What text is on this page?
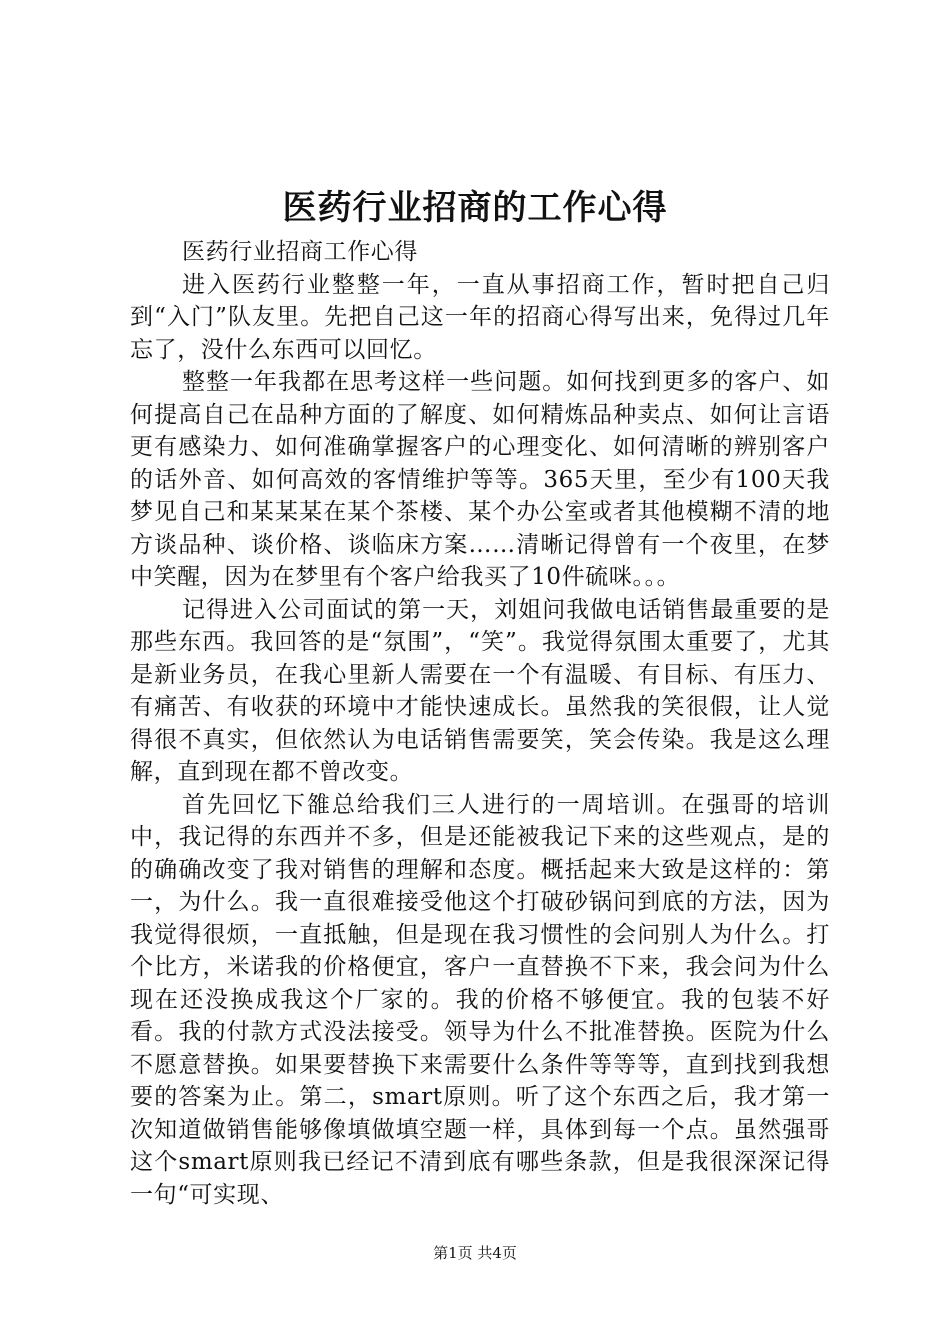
医药行业招商的工作心得

医药行业招商工作心得

进入医药行业整整一年，一直从事招商工作，暂时把自己归到“入门”队友里。先把自己这一年的招商心得写出来，免得过几年忘了，没什么东西可以回忆。

整整一年我都在思考这样一些问题。如何找到更多的客户、如何提高自己在品种方面的了解度、如何精炼品种卖点、如何让言语更有感染力、如何准确掌握客户的心理变化、如何清晰的辨别客户的话外音、如何高效的客情维护等等。365天里，至少有100天我梦见自己和某某某在某个茶楼、某个办公室或者其他模糊不清的地方谈品种、谈价格、谈临床方案……清晰记得曾有一个夜里，在梦中笑醒，因为在梦里有个客户给我买了10件硫咪。。。

记得进入公司面试的第一天，刘姐问我做电话销售最重要的是那些东西。我回答的是“氛围”，“笑”。我觉得氛围太重要了，尤其是新业务员，在我心里新人需要在一个有温暖、有目标、有压力、有痛苦、有收获的环境中才能快速成长。虽然我的笑很假，让人觉得很不真实，但依然认为电话销售需要笑，笑会传染。我是这么理解，直到现在都不曾改变。

首先回忆下雒总给我们三人进行的一周培训。在强哥的培训中，我记得的东西并不多，但是还能被我记下来的这些观点，是的的确确改变了我对销售的理解和态度。概括起来大致是这样的：第一，为什么。我一直很难接受他这个打破砂锅问到底的方法，因为我觉得很烦，一直抵触，但是现在我习惯性的会问别人为什么。打个比方，米诺我的价格便宜，客户一直替换不下来，我会问为什么现在还没换成我这个厂家的。我的价格不够便宜。我的包装不好看。我的付款方式没法接受。领导为什么不批准替换。医院为什么不愿意替换。如果要替换下来需要什么条件等等等，直到找到我想要的答案为止。第二，smart原则。听了这个东西之后，我才第一次知道做销售能够像填做填空题一样，具体到每一个点。虽然强哥这个smart原则我已经记不清到底有哪些条款，但是我很深深记得一句“可实现、

第1页 共4页
